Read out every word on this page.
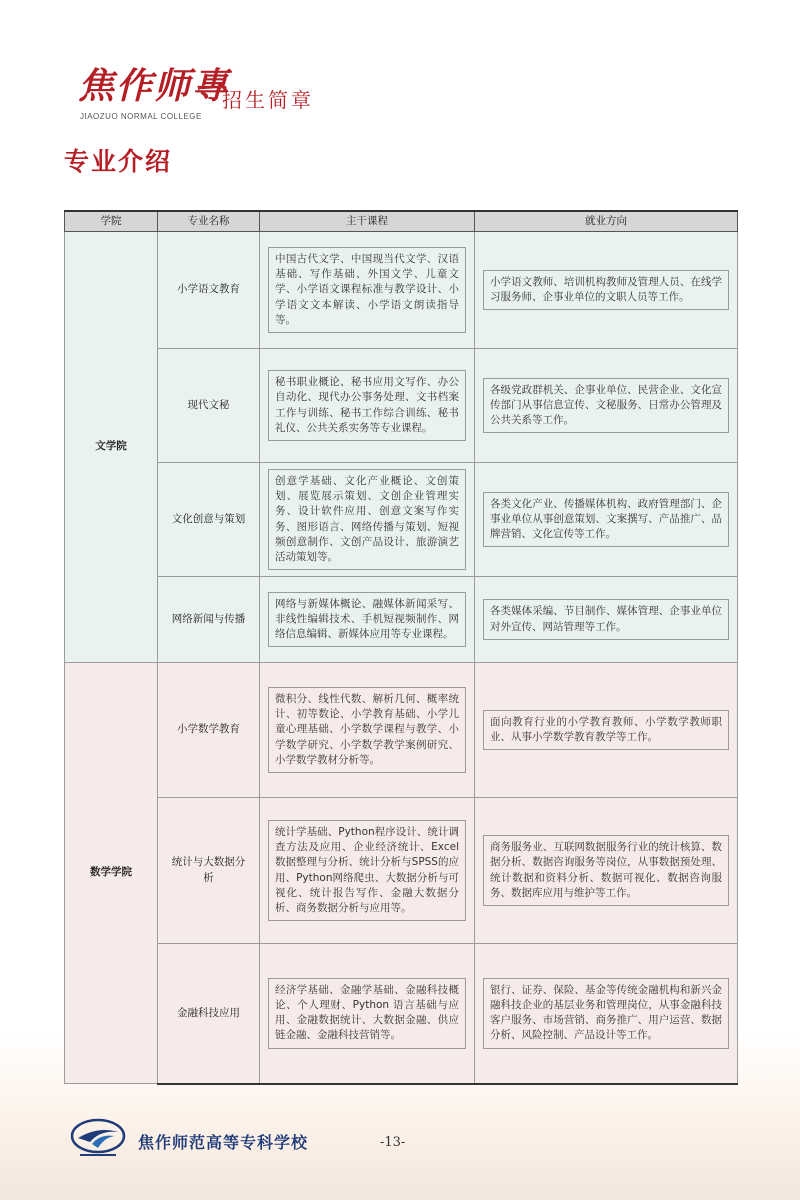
焦作师專
招生简章
JIAOZUO NORMAL COLLEGE
专业介绍
学院	专业名称	主干课程	就业方向
文学院	小学语文教育	中国古代文学、中国现当代文学、汉语基础、写作基础、外国文学、儿童文学、小学语文课程标准与教学设计、小学语文文本解读、小学语文朗读指导等。	小学语文教师、培训机构教师及管理人员、在线学习服务师、企事业单位的文职人员等工作。

	现代文秘	秘书职业概论、秘书应用文写作、办公自动化、现代办公事务处理、文书档案工作与训练、秘书工作综合训练、秘书礼仪、公共关系实务等专业课程。	各级党政群机关、企事业单位、民营企业、文化宣传部门从事信息宣传、文秘服务、日常办公管理及公共关系等工作。

	文化创意与策划	创意学基础、文化产业概论、文创策划、展览展示策划、文创企业管理实务、设计软件应用、创意文案写作实务、图形语言、网络传播与策划、短视频创意制作、文创产品设计、旅游演艺活动策划等。	各类文化产业、传播媒体机构、政府管理部门、企事业单位从事创意策划、文案撰写、产品推广、品牌营销、文化宣传等工作。

	网络新闻与传播	网络与新媒体概论、融媒体新闻采写、非线性编辑技术、手机短视频制作、网络信息编辑、新媒体应用等专业课程。	各类媒体采编、节目制作、媒体管理、企事业单位对外宣传、网站管理等工作。

数学学院	小学数学教育	微积分、线性代数、解析几何、概率统计、初等数论、小学教育基础、小学儿童心理基础、小学数学课程与教学、小学数学研究、小学数学教学案例研究、小学数学教材分析等。	面向教育行业的小学教育教师、小学数学教师职业、从事小学数学教育教学等工作。

	统计与大数据分析	统计学基础、Python程序设计、统计调查方法及应用、企业经济统计、Excel数据整理与分析、统计分析与SPSS的应用、Python网络爬虫、大数据分析与可视化、统计报告写作、金融大数据分析、商务数据分析与应用等。	商务服务业、互联网数据服务行业的统计核算、数据分析、数据咨询服务等岗位，从事数据预处理、统计数据和资料分析、数据可视化、数据咨询服务、数据库应用与维护等工作。

	金融科技应用	经济学基础、金融学基础、金融科技概论、个人理财、Python 语言基础与应用、金融数据统计、大数据金融、供应链金融、金融科技营销等。	银行、证券、保险、基金等传统金融机构和新兴金融科技企业的基层业务和管理岗位，从事金融科技客户服务、市场营销、商务推广、用户运营、数据分析、风险控制、产品设计等工作。
焦作师范高等专科学校	-13-
